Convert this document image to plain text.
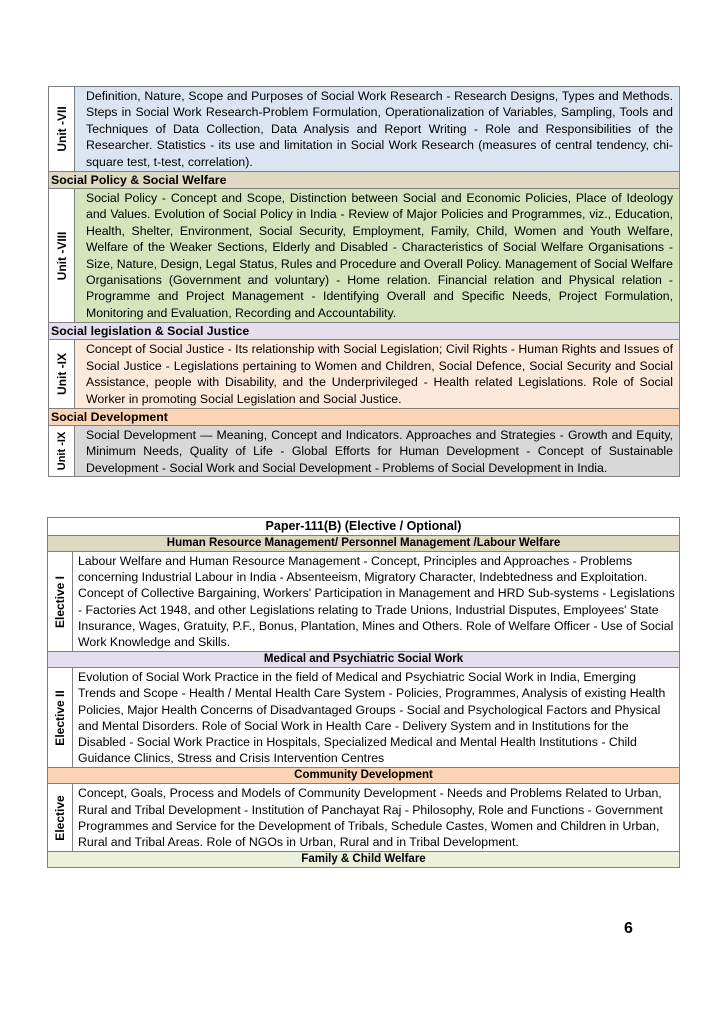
Unit -VII	Definition, Nature, Scope and Purposes of Social Work Research - Research Designs, Types and Methods. Steps in Social Work Research-Problem Formulation, Operationalization of Variables, Sampling, Tools and Techniques of Data Collection, Data Analysis and Report Writing - Role and Responsibilities of the Researcher. Statistics - its use and limitation in Social Work Research (measures of central tendency, chi-square test, t-test, correlation).
Social Policy & Social Welfare	

Unit -VIII	Social Policy - Concept and Scope, Distinction between Social and Economic Policies, Place of Ideology and Values. Evolution of Social Policy in India - Review of Major Policies and Programmes, viz., Education, Health, Shelter, Environment, Social Security, Employment, Family, Child, Women and Youth Welfare, Welfare of the Weaker Sections, Elderly and Disabled - Characteristics of Social Welfare Organisations -Size, Nature, Design, Legal Status, Rules and Procedure and Overall Policy. Management of Social Welfare Organisations (Government and voluntary) - Home relation. Financial relation and Physical relation - Programme and Project Management - Identifying Overall and Specific Needs, Project Formulation, Monitoring and Evaluation, Recording and Accountability.
Social legislation & Social Justice	

Unit -IX	Concept of Social Justice - Its relationship with Social Legislation; Civil Rights - Human Rights and Issues of Social Justice - Legislations pertaining to Women and Children, Social Defence, Social Security and Social Assistance, people with Disability, and the Underprivileged - Health related Legislations. Role of Social Worker in promoting Social Legislation and Social Justice.
Social Development	

Unit -IX	Social Development — Meaning, Concept and Indicators. Approaches and Strategies - Growth and Equity, Minimum Needs, Quality of Life - Global Efforts for Human Development - Concept of Sustainable Development - Social Work and Social Development - Problems of Social Development in India.
Paper-111(B) (Elective / Optional)	
Human Resource Management/ Personnel Management /Labour Welfare	

Elective I	Labour Welfare and Human Resource Management - Concept, Principles and Approaches - Problems concerning Industrial Labour in India - Absenteeism, Migratory Character, Indebtedness and Exploitation. Concept of Collective Bargaining, Workers' Participation in Management and HRD Sub-systems - Legislations - Factories Act 1948, and other Legislations relating to Trade Unions, Industrial Disputes, Employees' State Insurance, Wages, Gratuity, P.F., Bonus, Plantation, Mines and Others. Role of Welfare Officer - Use of Social Work Knowledge and Skills.
Medical and Psychiatric Social Work	

Elective II	Evolution of Social Work Practice in the field of Medical and Psychiatric Social Work in India, Emerging Trends and Scope - Health / Mental Health Care System - Policies, Programmes, Analysis of existing Health Policies, Major Health Concerns of Disadvantaged Groups - Social and Psychological Factors and Physical and Mental Disorders. Role of Social Work in Health Care - Delivery System and in Institutions for the Disabled - Social Work Practice in Hospitals, Specialized Medical and Mental Health Institutions - Child Guidance Clinics, Stress and Crisis Intervention Centres
Community Development	

Elective	Concept, Goals, Process and Models of Community Development - Needs and Problems Related to Urban, Rural and Tribal Development - Institution of Panchayat Raj - Philosophy, Role and Functions - Government Programmes and Service for the Development of Tribals, Schedule Castes, Women and Children in Urban, Rural and Tribal Areas. Role of NGOs in Urban, Rural and in Tribal Development.
Family & Child Welfare	
6
